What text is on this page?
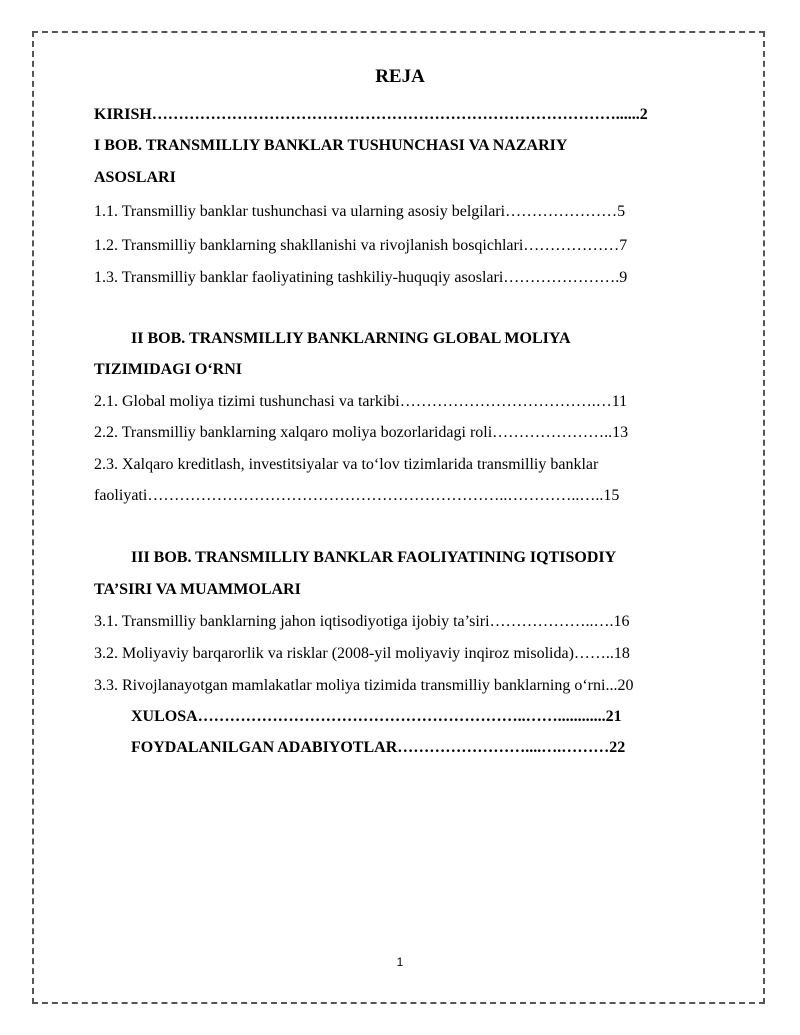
REJA
KIRISH……………………………………………………………………………......2
I BOB. TRANSMILLIY BANKLAR TUSHUNCHASI VA NAZARIY
ASOSLARI
1.1. Transmilliy banklar tushunchasi va ularning asosiy belgilari…………………5
1.2. Transmilliy banklarning shakllanishi va rivojlanish bosqichlari………………7
1.3. Transmilliy banklar faoliyatining tashkiliy-huquqiy asoslari………………….9
II BOB. TRANSMILLIY BANKLARNING GLOBAL MOLIYA
TIZIMIDAGI O‘RNI
2.1. Global moliya tizimi tushunchasi va tarkibi……………………………….…11
2.2. Transmilliy banklarning xalqaro moliya bozorlaridagi roli…………………..13
2.3. Xalqaro kreditlash, investitsiyalar va to‘lov tizimlarida transmilliy banklar
faoliyati…………………………………………………………..…………..…..15
III BOB. TRANSMILLIY BANKLAR FAOLIYATINING IQTISODIY
TA’SIRI VA MUAMMOLARI
3.1. Transmilliy banklarning jahon iqtisodiyotiga ijobiy ta’siri………………..….16
3.2. Moliyaviy barqarorlik va risklar (2008-yil moliyaviy inqiroz misolida)……..18
3.3. Rivojlanayotgan mamlakatlar moliya tizimida transmilliy banklarning o‘rni...20
XULOSA……………………………………………………..……............21
FOYDALANILGAN ADABIYOTLAR……………………....….………22
1
